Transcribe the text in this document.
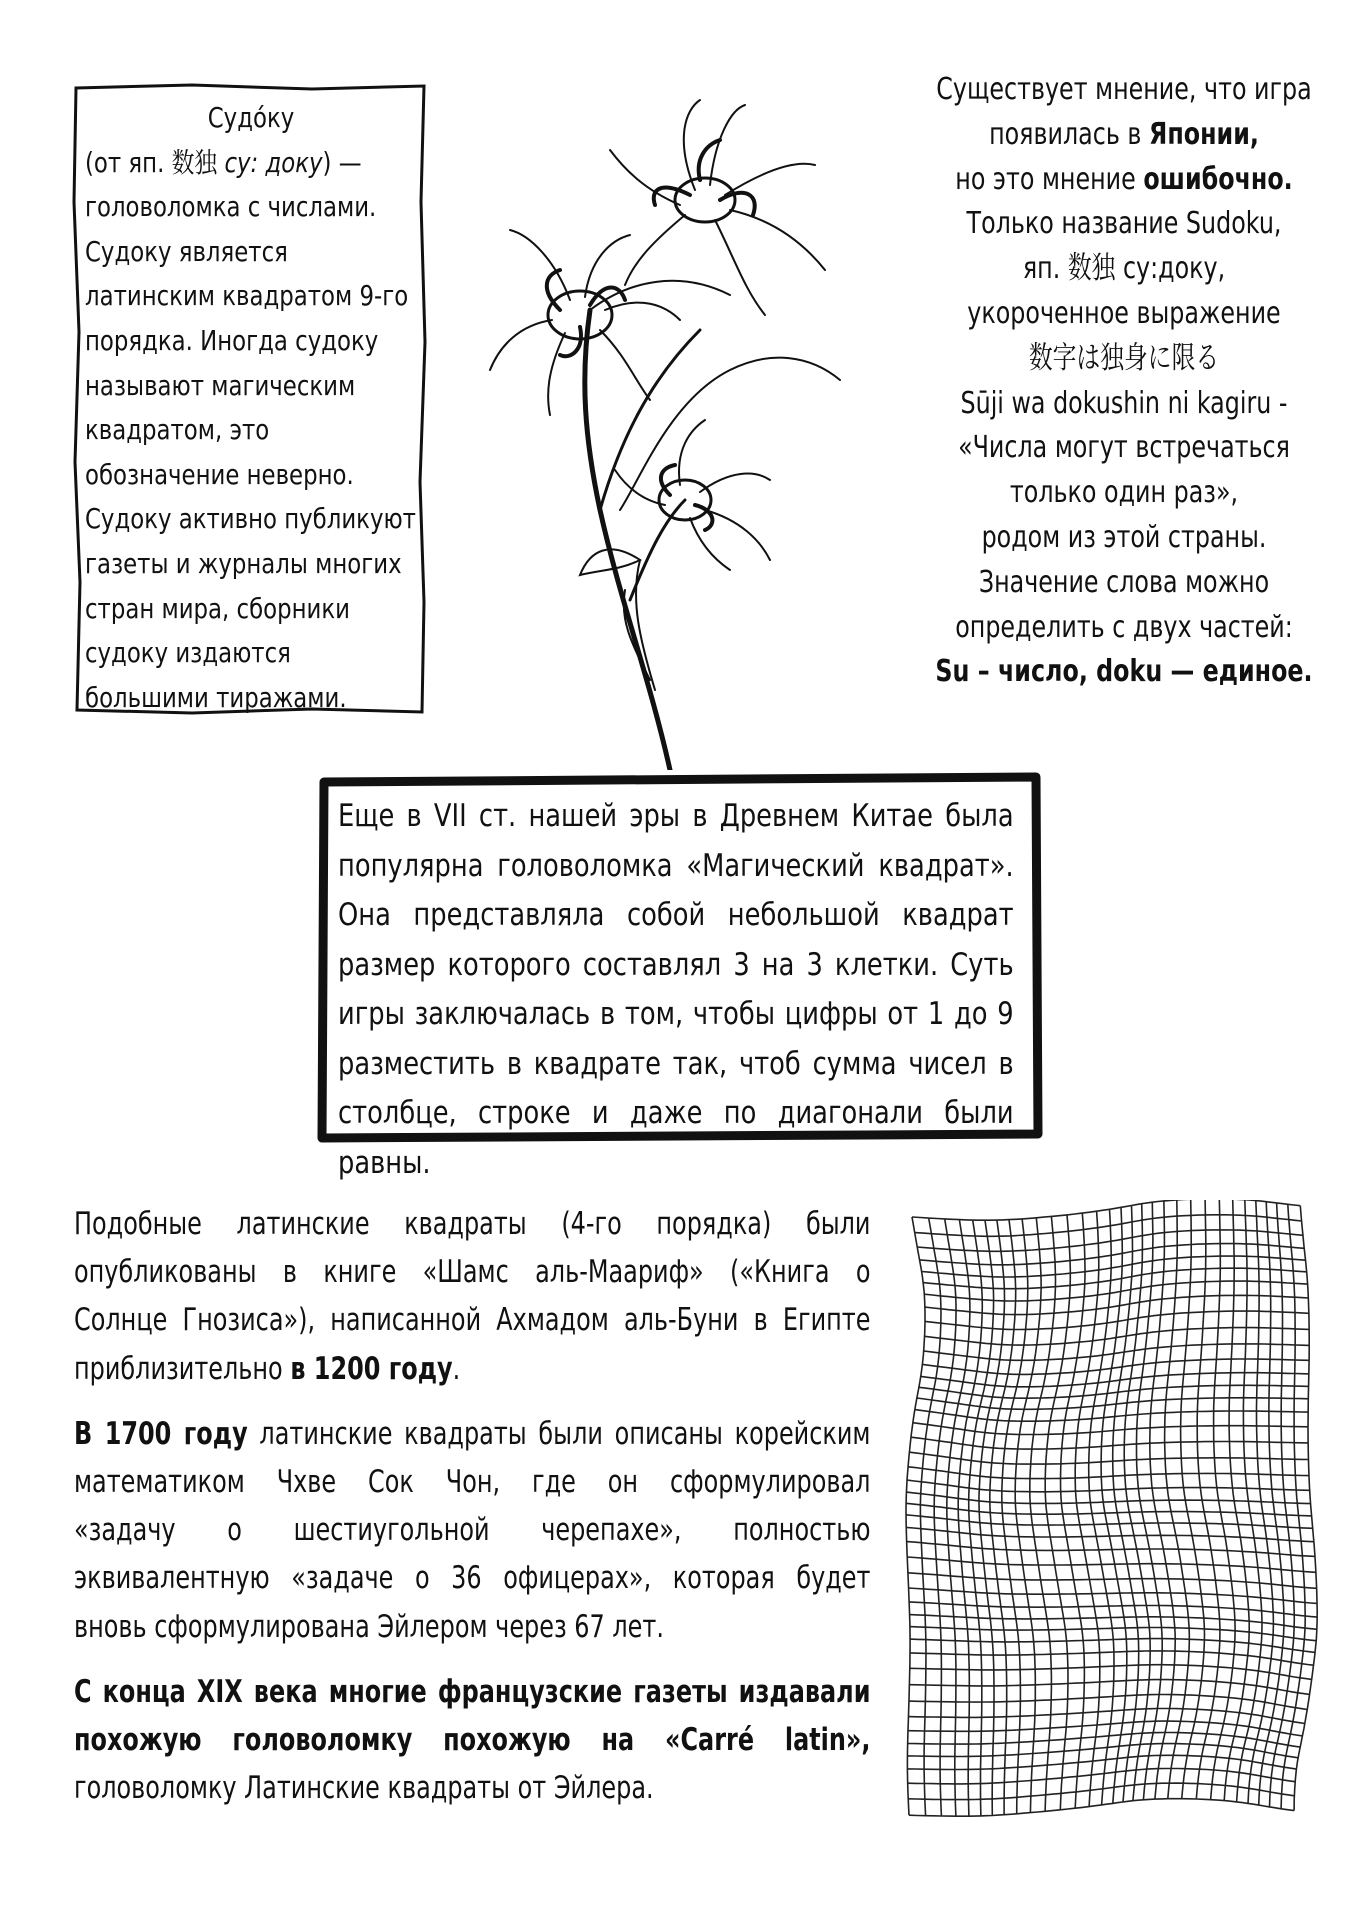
Судо́ку
(от яп. 数独 су: доку) —
головоломка с числами.
Судоку является
латинским квадратом 9-го
порядка. Иногда судоку
называют магическим
квадратом, это
обозначение неверно.
Судоку активно публикуют
газеты и журналы многих
стран мира, сборники
судоку издаются
большими тиражами.
Существует мнение, что игра
появилась в Японии,
но это мнение ошибочно.
Только название Sudoku,
яп. 数独 су:доку,
укороченное выражение
数字は独身に限る
Sūji wa dokushin ni kagiru -
«Числа могут встречаться
только один раз»,
родом из этой страны.
Значение слова можно
определить с двух частей:
Su – число, doku — единое.
Еще в VII ст. нашей эры в Древнем Китае была
популярна головоломка «Магический квадрат».
Она представляла собой небольшой квадрат
размер которого составлял 3 на 3 клетки. Суть
игры заключалась в том, чтобы цифры от 1 до 9
разместить в квадрате так, чтоб сумма чисел в
столбце, строке и даже по диагонали были равны.

Подобные латинские квадраты (4-го порядка) были
опубликованы в книге «Шамс аль-Маариф» («Книга о
Солнце Гнозиса»), написанной Ахмадом аль-Буни в Египте
приблизительно в 1200 году.

В 1700 году латинские квадраты были описаны корейским
математиком Чхве Сок Чон, где он сформулировал
«задачу о шестиугольной черепахе», полностью
эквивалентную «задаче о 36 офицерах», которая будет
вновь сформулирована Эйлером через 67 лет.

С конца XIX века многие французские газеты издавали
похожую головоломку похожую на «Carré latin»,
головоломку Латинские квадраты от Эйлера.
